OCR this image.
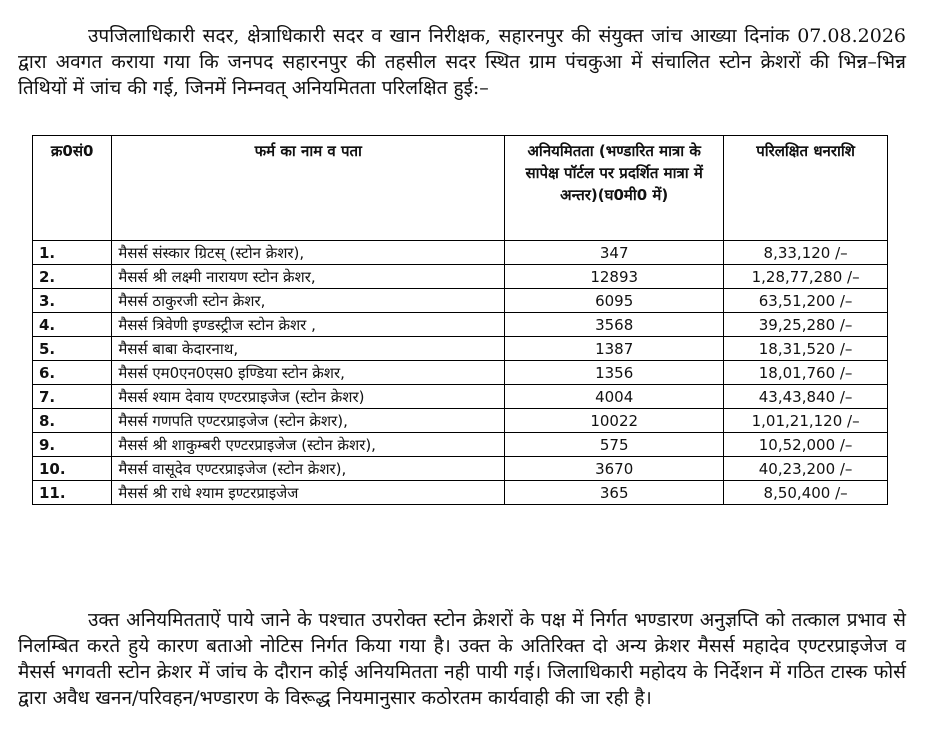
उपजिलाधिकारी सदर, क्षेत्राधिकारी सदर व खान निरीक्षक, सहारनपुर की संयुक्त जांच आख्या दिनांक 07.08.2026 द्वारा अवगत कराया गया कि जनपद सहारनपुर की तहसील सदर स्थित ग्राम पंचकुआ में संचालित स्टोन क्रेशरों की भिन्न–भिन्न तिथियों में जांच की गई, जिनमें निम्नवत् अनियमितता परिलक्षित हुई:–

क्र0सं0	फर्म का नाम व पता	अनियमितता (भण्डारित मात्रा के सापेक्ष पॉर्टल पर प्रदर्शित मात्रा में अन्तर)(घ0मी0 में)	परिलक्षित धनराशि
1.	मैसर्स संस्कार ग्रिटस् (स्टोन क्रेशर),	347	8,33,120 /–
2.	मैसर्स श्री लक्ष्मी नारायण स्टोन क्रेशर,	12893	1,28,77,280 /–
3.	मैसर्स ठाकुरजी स्टोन क्रेशर,	6095	63,51,200 /–
4.	मैसर्स त्रिवेणी इण्डस्ट्रीज स्टोन क्रेशर ,	3568	39,25,280 /–
5.	मैसर्स बाबा केदारनाथ,	1387	18,31,520 /–
6.	मैसर्स एम0एन0एस0 इण्डिया स्टोन क्रेशर,	1356	18,01,760 /–
7.	मैसर्स श्याम देवाय एण्टरप्राइजेज (स्टोन क्रेशर)	4004	43,43,840 /–
8.	मैसर्स गणपति एण्टरप्राइजेज (स्टोन क्रेशर),	10022	1,01,21,120 /–
9.	मैसर्स श्री शाकुम्बरी एण्टरप्राइजेज (स्टोन क्रेशर),	575	10,52,000 /–
10.	मैसर्स वासूदेव एण्टरप्राइजेज (स्टोन क्रेशर),	3670	40,23,200 /–
11.	मैसर्स श्री राधे श्याम इण्टरप्राइजेज	365	8,50,400 /–

उक्त अनियमितताऐं पाये जाने के पश्चात उपरोक्त स्टोन क्रेशरों के पक्ष में निर्गत भण्डारण अनुज्ञप्ति को तत्काल प्रभाव से निलम्बित करते हुये कारण बताओ नोटिस निर्गत किया गया है। उक्त के अतिरिक्त दो अन्य क्रेशर मैसर्स महादेव एण्टरप्राइजेज व मैसर्स भगवती स्टोन क्रेशर में जांच के दौरान कोई अनियमितता नही पायी गई। जिलाधिकारी महोदय के निर्देशन में गठित टास्क फोर्स द्वारा अवैध खनन/परिवहन/भण्डारण के विरूद्ध नियमानुसार कठोरतम कार्यवाही की जा रही है।
